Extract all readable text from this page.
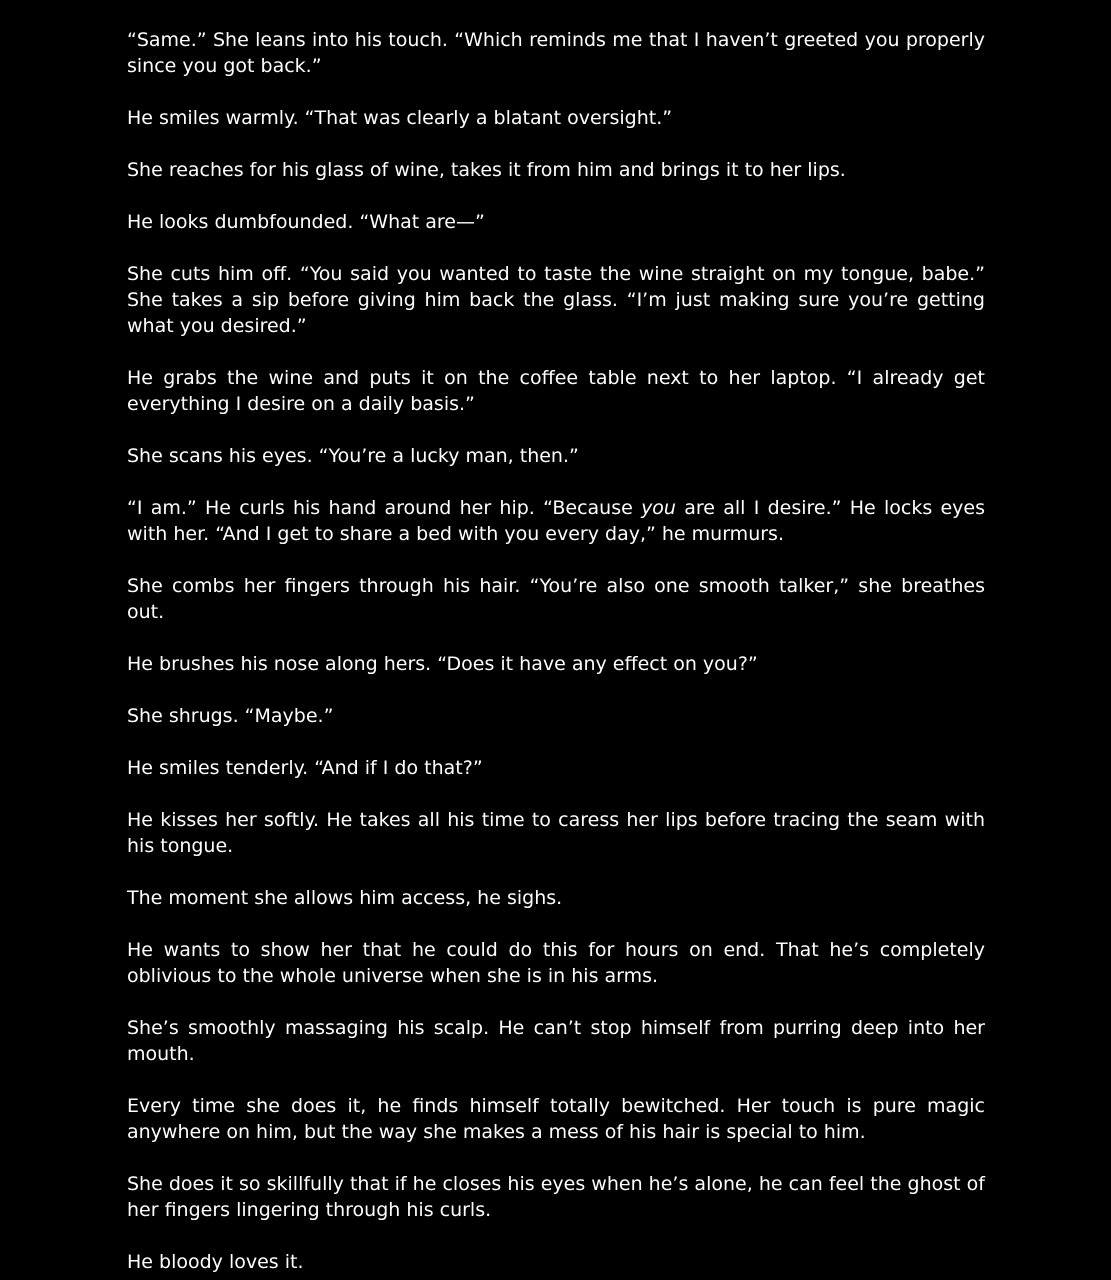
“Same.” She leans into his touch. “Which reminds me that I haven’t greeted you properly since you got back.”

He smiles warmly. “That was clearly a blatant oversight.”

She reaches for his glass of wine, takes it from him and brings it to her lips.

He looks dumbfounded. “What are—”

She cuts him off. “You said you wanted to taste the wine straight on my tongue, babe.” She takes a sip before giving him back the glass. “I’m just making sure you’re getting what you desired.”

He grabs the wine and puts it on the coffee table next to her laptop. “I already get everything I desire on a daily basis.”

She scans his eyes. “You’re a lucky man, then.”

“I am.” He curls his hand around her hip. “Because you are all I desire.” He locks eyes with her. “And I get to share a bed with you every day,” he murmurs.

She combs her fingers through his hair. “You’re also one smooth talker,” she breathes out.

He brushes his nose along hers. “Does it have any effect on you?”

She shrugs. “Maybe.”

He smiles tenderly. “And if I do that?”

He kisses her softly. He takes all his time to caress her lips before tracing the seam with his tongue.

The moment she allows him access, he sighs.

He wants to show her that he could do this for hours on end. That he’s completely oblivious to the whole universe when she is in his arms.

She’s smoothly massaging his scalp. He can’t stop himself from purring deep into her mouth.

Every time she does it, he finds himself totally bewitched. Her touch is pure magic anywhere on him, but the way she makes a mess of his hair is special to him.

She does it so skillfully that if he closes his eyes when he’s alone, he can feel the ghost of her fingers lingering through his curls.

He bloody loves it.
